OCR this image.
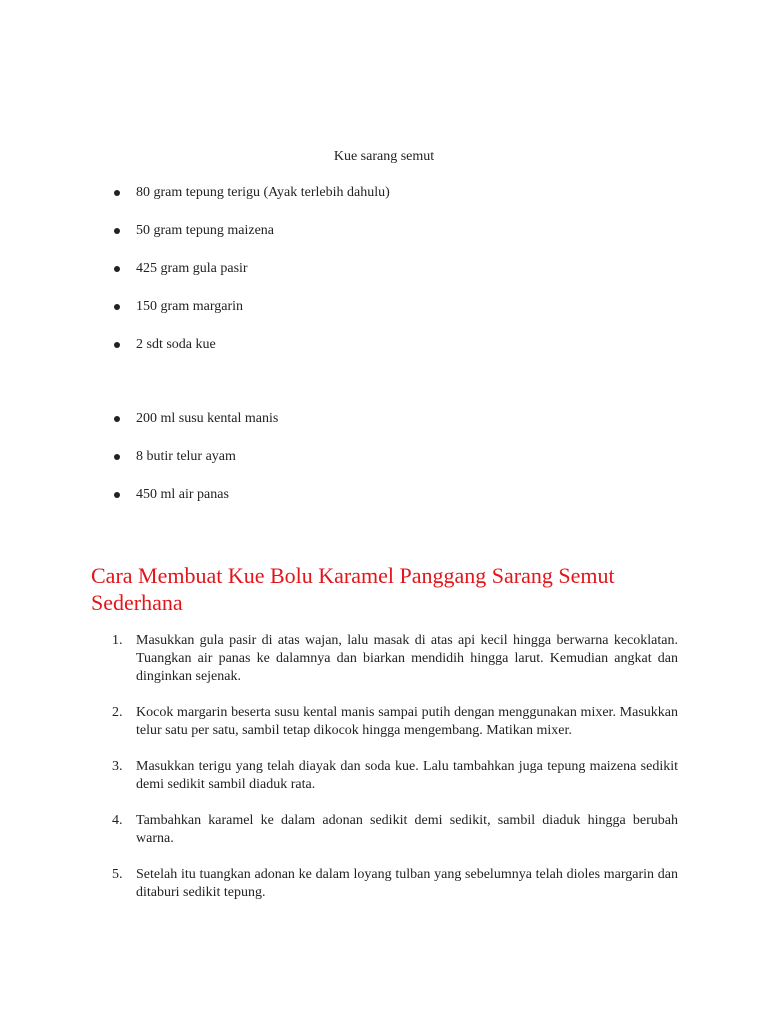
Kue sarang semut
80 gram tepung terigu (Ayak terlebih dahulu)
50 gram tepung maizena
425 gram gula pasir
150 gram margarin
2 sdt soda kue
200 ml susu kental manis
8 butir telur ayam
450 ml air panas
Cara Membuat Kue Bolu Karamel Panggang Sarang Semut Sederhana
1. Masukkan gula pasir di atas wajan, lalu masak di atas api kecil hingga berwarna kecoklatan. Tuangkan air panas ke dalamnya dan biarkan mendidih hingga larut. Kemudian angkat dan dinginkan sejenak.
2. Kocok margarin beserta susu kental manis sampai putih dengan menggunakan mixer. Masukkan telur satu per satu, sambil tetap dikocok hingga mengembang. Matikan mixer.
3. Masukkan terigu yang telah diayak dan soda kue. Lalu tambahkan juga tepung maizena sedikit demi sedikit sambil diaduk rata.
4. Tambahkan karamel ke dalam adonan sedikit demi sedikit, sambil diaduk hingga berubah warna.
5. Setelah itu tuangkan adonan ke dalam loyang tulban yang sebelumnya telah dioles margarin dan ditaburi sedikit tepung.
